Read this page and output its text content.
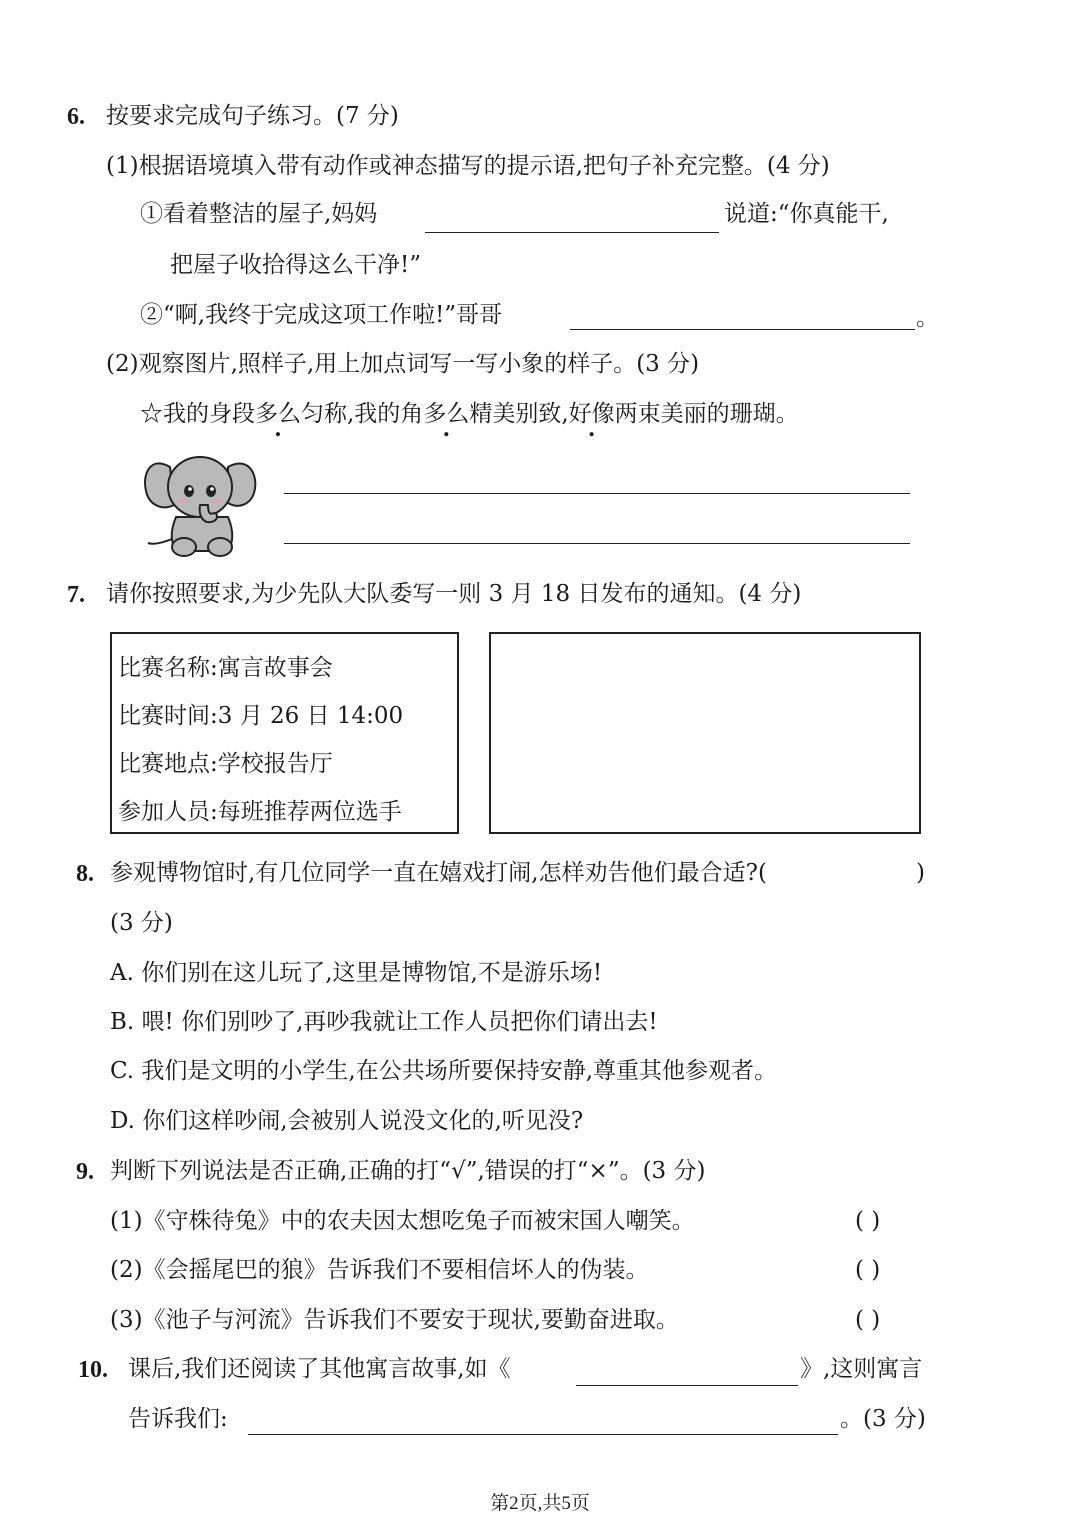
6. 按要求完成句子练习。(7 分)
(1)根据语境填入带有动作或神态描写的提示语,把句子补充完整。(4 分)
①看着整洁的屋子,妈妈	说道:“你真能干,
把屋子收拾得这么干净!”
②“啊,我终于完成这项工作啦!”哥哥	。
(2)观察图片,照样子,用上加点词写一写小象的样子。(3 分)
☆我的身段多么匀称,我的角多么精美别致,好像两束美丽的珊瑚。
7. 请你按照要求,为少先队大队委写一则 3 月 18 日发布的通知。(4 分)
比赛名称:寓言故事会
比赛时间:3 月 26 日 14:00
比赛地点:学校报告厅
参加人员:每班推荐两位选手
8. 参观博物馆时,有几位同学一直在嬉戏打闹,怎样劝告他们最合适?(	)
(3 分)
A. 你们别在这儿玩了,这里是博物馆,不是游乐场!
B. 喂! 你们别吵了,再吵我就让工作人员把你们请出去!
C. 我们是文明的小学生,在公共场所要保持安静,尊重其他参观者。
D. 你们这样吵闹,会被别人说没文化的,听见没?
9. 判断下列说法是否正确,正确的打“√”,错误的打“×”。(3 分)
(1)《守株待兔》中的农夫因太想吃兔子而被宋国人嘲笑。	( )
(2)《会摇尾巴的狼》告诉我们不要相信坏人的伪装。	( )
(3)《池子与河流》告诉我们不要安于现状,要勤奋进取。	( )
10. 课后,我们还阅读了其他寓言故事,如《	》,这则寓言
告诉我们:	。(3 分)
第2页,共5页
